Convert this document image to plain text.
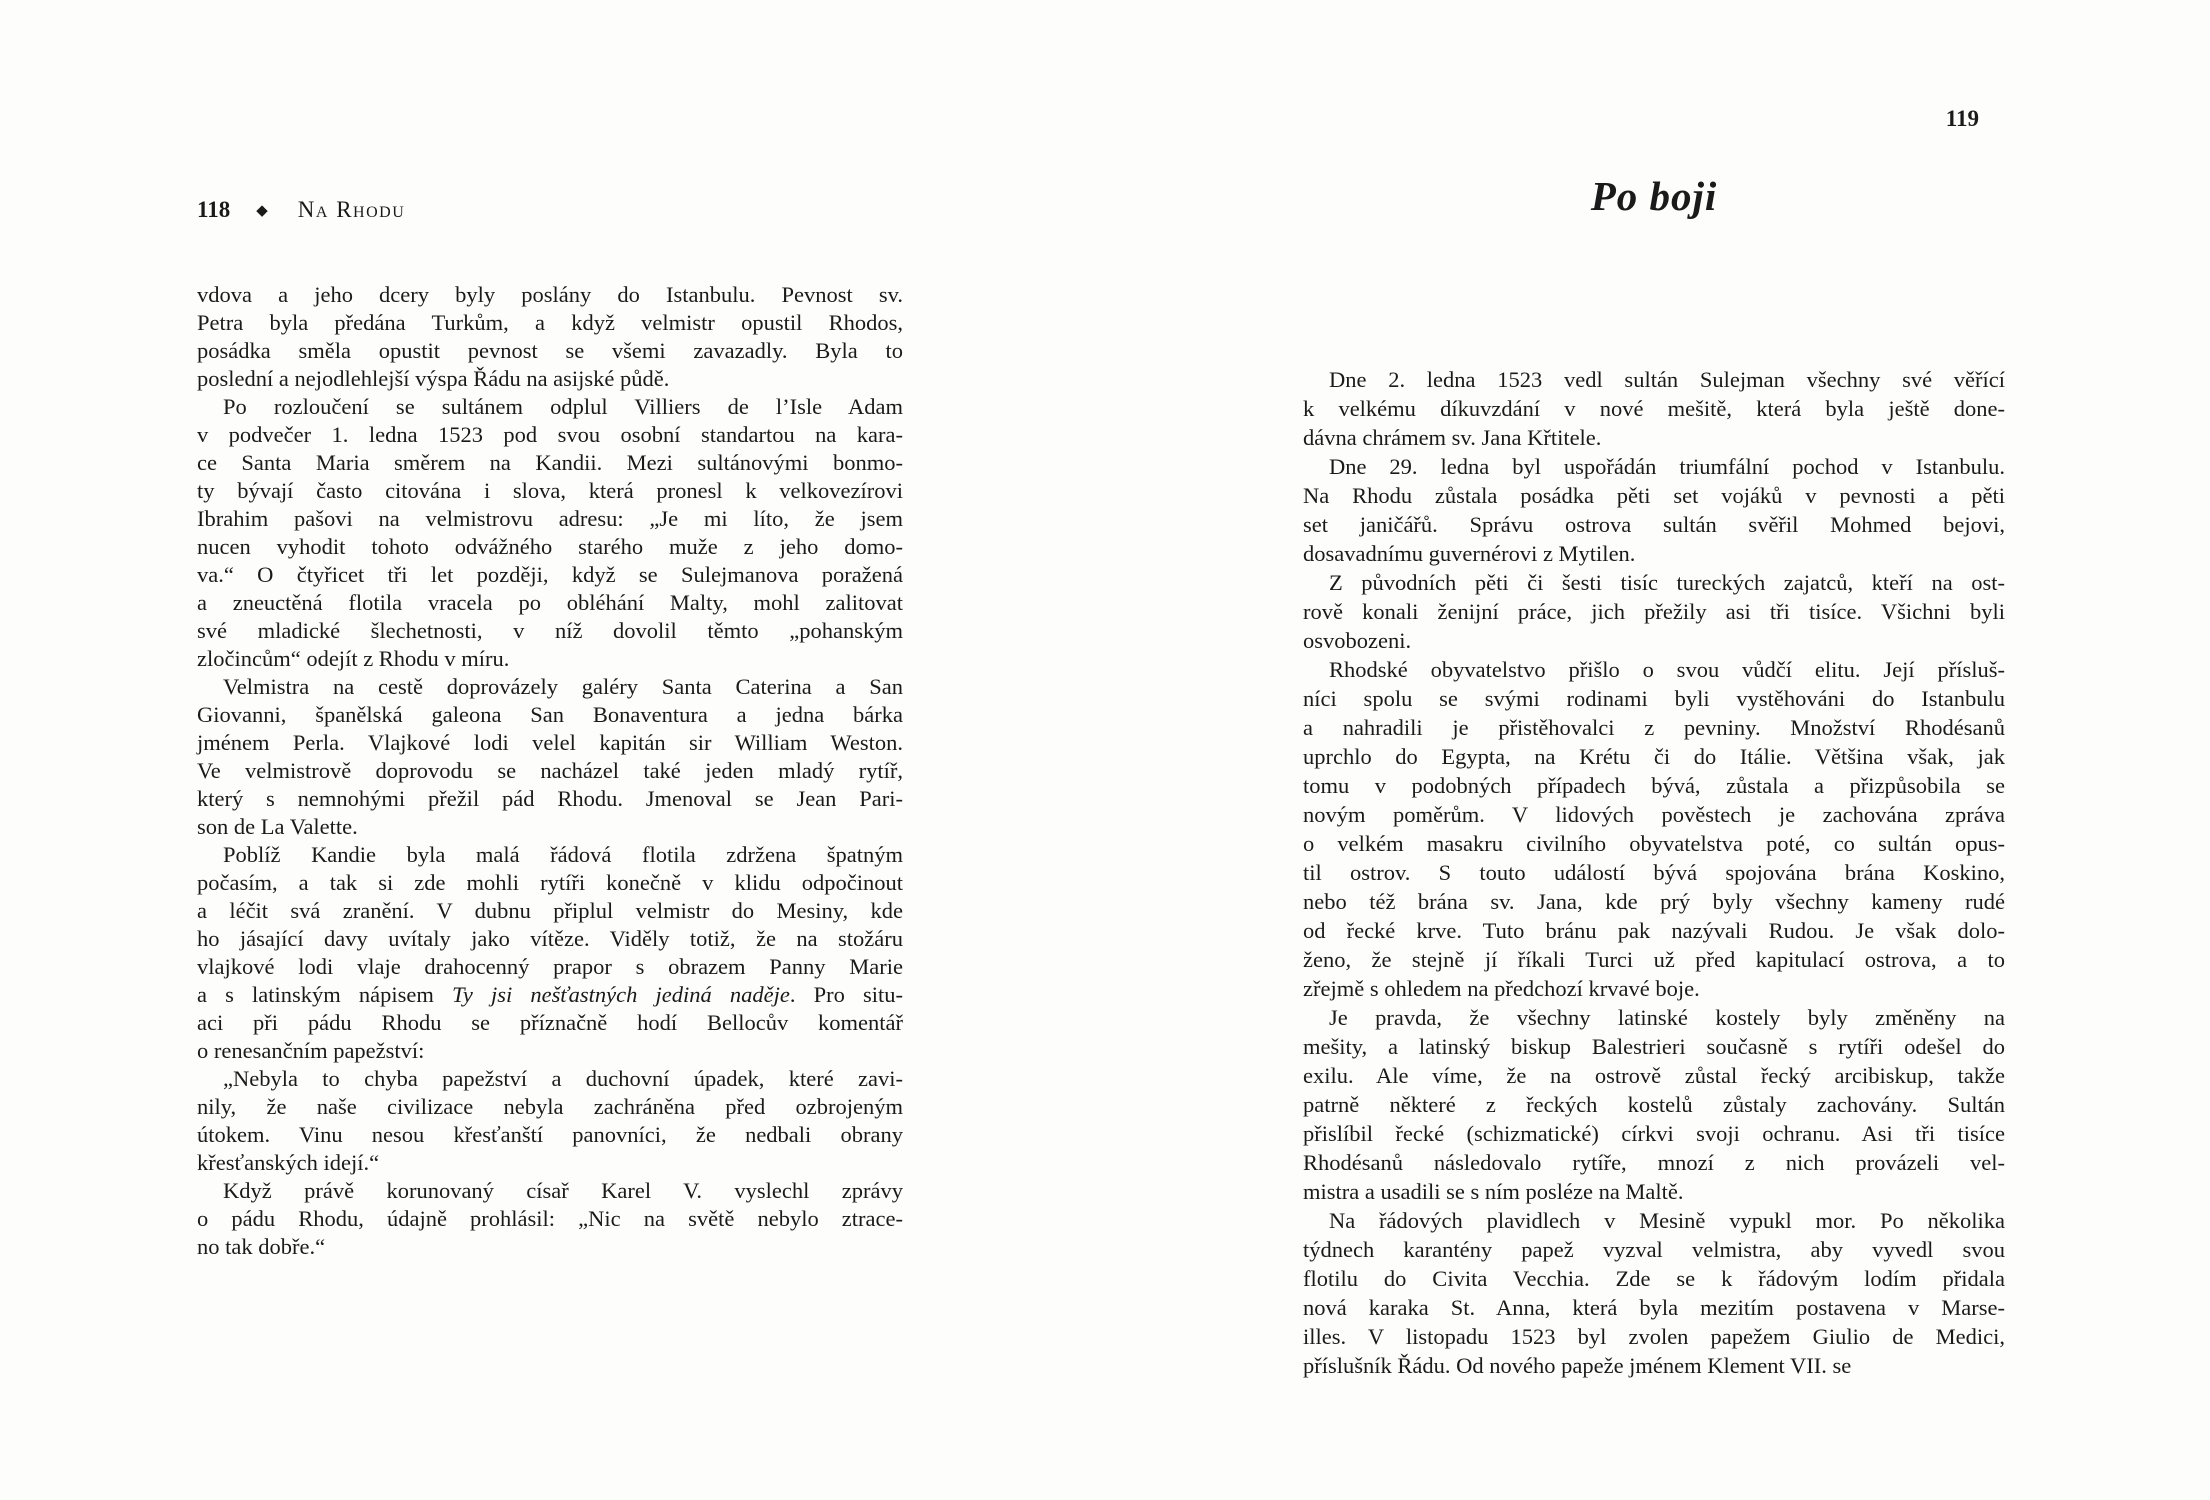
118 ◆ Na Rhodu
vdova a jeho dcery byly poslány do Istanbulu. Pevnost sv.
Petra byla předána Turkům, a když velmistr opustil Rhodos,
posádka směla opustit pevnost se všemi zavazadly. Byla to
poslední a nejodlehlejší výspa Řádu na asijské půdě.
Po rozloučení se sultánem odplul Villiers de l’Isle Adam
v podvečer 1. ledna 1523 pod svou osobní standartou na kara-
ce Santa Maria směrem na Kandii. Mezi sultánovými bonmo-
ty bývají často citována i slova, která pronesl k velkovezírovi
Ibrahim pašovi na velmistrovu adresu: „Je mi líto, že jsem
nucen vyhodit tohoto odvážného starého muže z jeho domo-
va.“ O čtyřicet tři let později, když se Sulejmanova poražená
a zneuctěná flotila vracela po obléhání Malty, mohl zalitovat
své mladické šlechetnosti, v níž dovolil těmto „pohanským
zločincům“ odejít z Rhodu v míru.
Velmistra na cestě doprovázely galéry Santa Caterina a San
Giovanni, španělská galeona San Bonaventura a jedna bárka
jménem Perla. Vlajkové lodi velel kapitán sir William Weston.
Ve velmistrově doprovodu se nacházel také jeden mladý rytíř,
který s nemnohými přežil pád Rhodu. Jmenoval se Jean Pari-
son de La Valette.
Poblíž Kandie byla malá řádová flotila zdržena špatným
počasím, a tak si zde mohli rytíři konečně v klidu odpočinout
a léčit svá zranění. V dubnu připlul velmistr do Mesiny, kde
ho jásající davy uvítaly jako vítěze. Viděly totiž, že na stožáru
vlajkové lodi vlaje drahocenný prapor s obrazem Panny Marie
a s latinským nápisem Ty jsi nešťastných jediná naděje. Pro situ-
aci při pádu Rhodu se příznačně hodí Bellocův komentář
o renesančním papežství:
„Nebyla to chyba papežství a duchovní úpadek, které zavi-
nily, že naše civilizace nebyla zachráněna před ozbrojeným
útokem. Vinu nesou křesťanští panovníci, že nedbali obrany
křesťanských idejí.“
Když právě korunovaný císař Karel V. vyslechl zprávy
o pádu Rhodu, údajně prohlásil: „Nic na světě nebylo ztrace-
no tak dobře.“
119
Po boji
Dne 2. ledna 1523 vedl sultán Sulejman všechny své věřící
k velkému díkuvzdání v nové mešitě, která byla ještě done-
dávna chrámem sv. Jana Křtitele.
Dne 29. ledna byl uspořádán triumfální pochod v Istanbulu.
Na Rhodu zůstala posádka pěti set vojáků v pevnosti a pěti
set janičářů. Správu ostrova sultán svěřil Mohmed bejovi,
dosavadnímu guvernérovi z Mytilen.
Z původních pěti či šesti tisíc tureckých zajatců, kteří na ost-
rově konali ženijní práce, jich přežily asi tři tisíce. Všichni byli
osvobozeni.
Rhodské obyvatelstvo přišlo o svou vůdčí elitu. Její přísluš-
níci spolu se svými rodinami byli vystěhováni do Istanbulu
a nahradili je přistěhovalci z pevniny. Množství Rhodésanů
uprchlo do Egypta, na Krétu či do Itálie. Většina však, jak
tomu v podobných případech bývá, zůstala a přizpůsobila se
novým poměrům. V lidových pověstech je zachována zpráva
o velkém masakru civilního obyvatelstva poté, co sultán opus-
til ostrov. S touto událostí bývá spojována brána Koskino,
nebo též brána sv. Jana, kde prý byly všechny kameny rudé
od řecké krve. Tuto bránu pak nazývali Rudou. Je však dolo-
ženo, že stejně jí říkali Turci už před kapitulací ostrova, a to
zřejmě s ohledem na předchozí krvavé boje.
Je pravda, že všechny latinské kostely byly změněny na
mešity, a latinský biskup Balestrieri současně s rytíři odešel do
exilu. Ale víme, že na ostrově zůstal řecký arcibiskup, takže
patrně některé z řeckých kostelů zůstaly zachovány. Sultán
přislíbil řecké (schizmatické) církvi svoji ochranu. Asi tři tisíce
Rhodésanů následovalo rytíře, mnozí z nich provázeli vel-
mistra a usadili se s ním posléze na Maltě.
Na řádových plavidlech v Mesině vypukl mor. Po několika
týdnech karantény papež vyzval velmistra, aby vyvedl svou
flotilu do Civita Vecchia. Zde se k řádovým lodím přidala
nová karaka St. Anna, která byla mezitím postavena v Marse-
illes. V listopadu 1523 byl zvolen papežem Giulio de Medici,
příslušník Řádu. Od nového papeže jménem Klement VII. se
